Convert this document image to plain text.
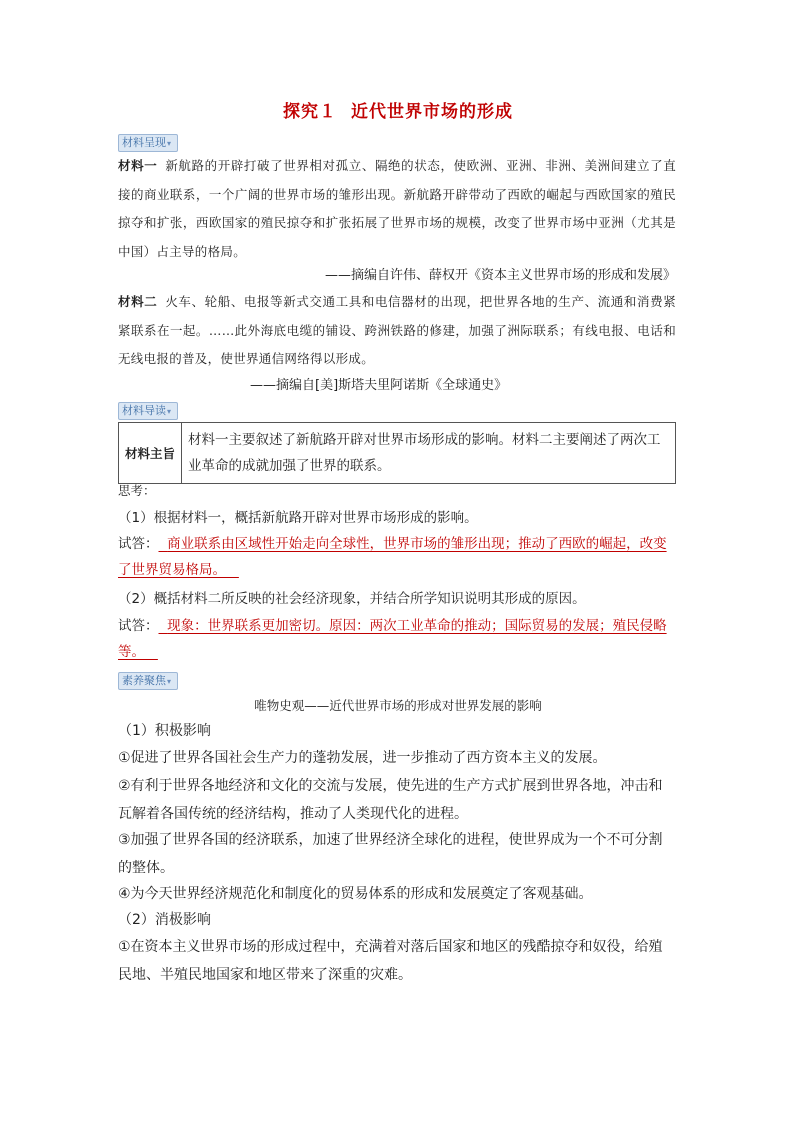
探究１ 近代世界市场的形成
材料呈现▾
材料一 新航路的开辟打破了世界相对孤立、隔绝的状态，使欧洲、亚洲、非洲、美洲间建立了直接的商业联系，一个广阔的世界市场的雏形出现。新航路开辟带动了西欧的崛起与西欧国家的殖民掠夺和扩张，西欧国家的殖民掠夺和扩张拓展了世界市场的规模，改变了世界市场中亚洲（尤其是中国）占主导的格局。
——摘编自许伟、薛权开《资本主义世界市场的形成和发展》
材料二 火车、轮船、电报等新式交通工具和电信器材的出现，把世界各地的生产、流通和消费紧紧联系在一起。……此外海底电缆的铺设、跨洲铁路的修建，加强了洲际联系；有线电报、电话和无线电报的普及，使世界通信网络得以形成。
——摘编自[美]斯塔夫里阿诺斯《全球通史》
材料导读▾
材料主旨	材料一主要叙述了新航路开辟对世界市场形成的影响。材料二主要阐述了两次工业革命的成就加强了世界的联系。
思考：
（1）根据材料一，概括新航路开辟对世界市场形成的影响。
试答： 商业联系由区域性开始走向全球性，世界市场的雏形出现；推动了西欧的崛起，改变了世界贸易格局。
（2）概括材料二所反映的社会经济现象，并结合所学知识说明其形成的原因。
试答： 现象：世界联系更加密切。原因：两次工业革命的推动；国际贸易的发展；殖民侵略等。
素养聚焦▾
唯物史观——近代世界市场的形成对世界发展的影响
（1）积极影响
①促进了世界各国社会生产力的蓬勃发展，进一步推动了西方资本主义的发展。
②有利于世界各地经济和文化的交流与发展，使先进的生产方式扩展到世界各地，冲击和瓦解着各国传统的经济结构，推动了人类现代化的进程。
③加强了世界各国的经济联系，加速了世界经济全球化的进程，使世界成为一个不可分割的整体。
④为今天世界经济规范化和制度化的贸易体系的形成和发展奠定了客观基础。
（2）消极影响
①在资本主义世界市场的形成过程中，充满着对落后国家和地区的残酷掠夺和奴役，给殖民地、半殖民地国家和地区带来了深重的灾难。
